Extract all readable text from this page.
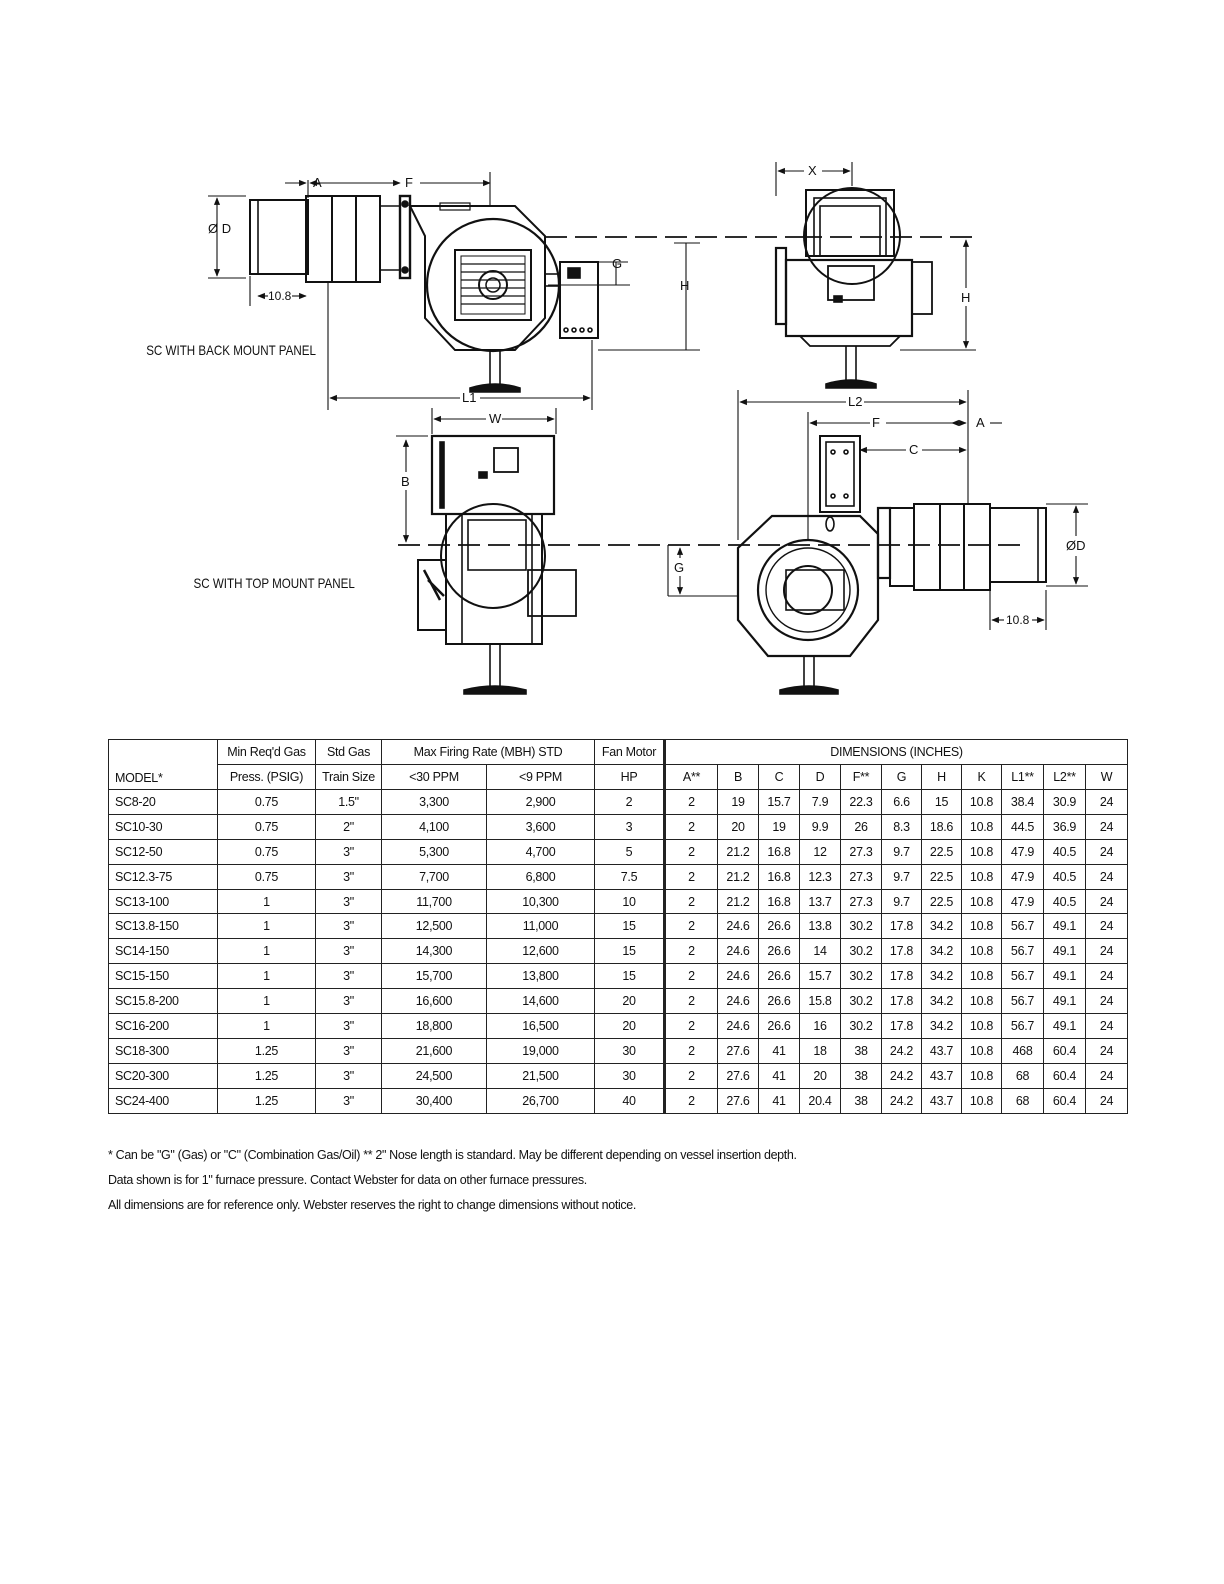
A	F
Ø D
G
H
10.8
L1
SC WITH BACK MOUNT PANEL
X
H
W
B
SC WITH TOP MOUNT PANEL
L2
F	A
C
ØD
G
10.8
MODEL*	Min Req'd Gas	Std Gas	Max Firing Rate (MBH) STD		Fan Motor	DIMENSIONS (INCHES)										
	Press. (PSIG)	Train Size	<30 PPM	<9 PPM	HP	A**	B	C	D	F**	G	H	K	L1**	L2**	W
SC8-20	0.75	1.5"	3,300	2,900	2	2	19	15.7	7.9	22.3	6.6	15	10.8	38.4	30.9	24
SC10-30	0.75	2"	4,100	3,600	3	2	20	19	9.9	26	8.3	18.6	10.8	44.5	36.9	24
SC12-50	0.75	3"	5,300	4,700	5	2	21.2	16.8	12	27.3	9.7	22.5	10.8	47.9	40.5	24
SC12.3-75	0.75	3"	7,700	6,800	7.5	2	21.2	16.8	12.3	27.3	9.7	22.5	10.8	47.9	40.5	24
SC13-100	1	3"	11,700	10,300	10	2	21.2	16.8	13.7	27.3	9.7	22.5	10.8	47.9	40.5	24
SC13.8-150	1	3"	12,500	11,000	15	2	24.6	26.6	13.8	30.2	17.8	34.2	10.8	56.7	49.1	24
SC14-150	1	3"	14,300	12,600	15	2	24.6	26.6	14	30.2	17.8	34.2	10.8	56.7	49.1	24
SC15-150	1	3"	15,700	13,800	15	2	24.6	26.6	15.7	30.2	17.8	34.2	10.8	56.7	49.1	24
SC15.8-200	1	3"	16,600	14,600	20	2	24.6	26.6	15.8	30.2	17.8	34.2	10.8	56.7	49.1	24
SC16-200	1	3"	18,800	16,500	20	2	24.6	26.6	16	30.2	17.8	34.2	10.8	56.7	49.1	24
SC18-300	1.25	3"	21,600	19,000	30	2	27.6	41	18	38	24.2	43.7	10.8	468	60.4	24
SC20-300	1.25	3"	24,500	21,500	30	2	27.6	41	20	38	24.2	43.7	10.8	68	60.4	24
SC24-400	1.25	3"	30,400	26,700	40	2	27.6	41	20.4	38	24.2	43.7	10.8	68	60.4	24
* Can be "G" (Gas) or "C" (Combination Gas/Oil) ** 2" Nose length is standard. May be different depending on vessel insertion depth.
Data shown is for 1" furnace pressure. Contact Webster for data on other furnace pressures.
All dimensions are for reference only. Webster reserves the right to change dimensions without notice.
